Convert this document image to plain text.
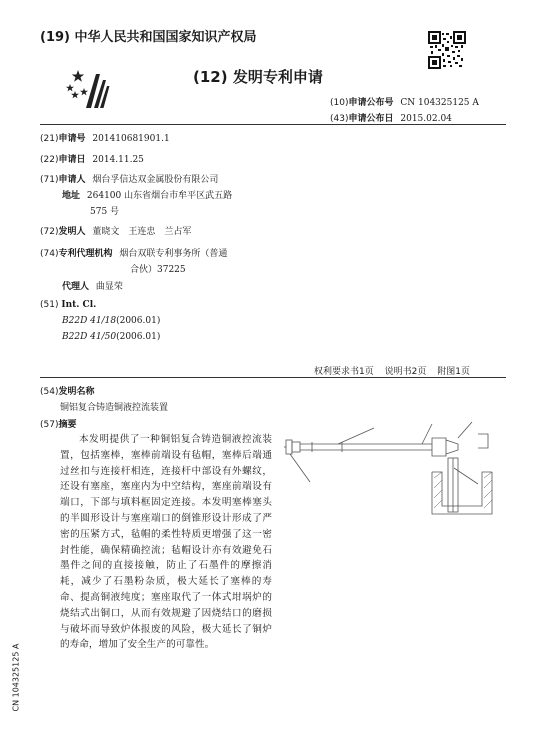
(19) 中华人民共和国国家知识产权局
(12) 发明专利申请
(10)申请公布号 CN 104325125 A
(43)申请公布日 2015.02.04
(21)申请号 201410681901.1
(22)申请日 2014.11.25
(71)申请人 烟台孚信达双金属股份有限公司
地址 264100 山东省烟台市牟平区武五路
575 号
(72)发明人 董晓文　王连忠　兰占军
(74)专利代理机构 烟台双联专利事务所（普通
合伙）37225
代理人 曲显荣
(51) Int. Cl.
B22D 41/18(2006.01)
B22D 41/50(2006.01)
权利要求书1页 说明书2页 附图1页
(54)发明名称
铜铝复合铸造铜液控流装置
(57)摘要
本发明提供了一种铜铝复合铸造铜液控流装置，包括塞棒，塞棒前端设有毡帽，塞棒后端通过丝扣与连接杆相连，连接杆中部设有外螺纹，还设有塞座，塞座内为中空结构，塞座前端设有端口，下部与填料框固定连接。本发明塞棒塞头的半圆形设计与塞座端口的倒锥形设计形成了严密的压紧方式，毡帽的柔性特质更增强了这一密封性能，确保精确控流；毡帽设计亦有效避免石墨件之间的直接接触，防止了石墨件的摩擦消耗，减少了石墨粉杂质，极大延长了塞棒的寿命、提高铜液纯度；塞座取代了一体式坩埚炉的烧结式出铜口，从而有效规避了因烧结口的磨损与破坏而导致炉体报废的风险，极大延长了铜炉的寿命，增加了安全生产的可靠性。
CN 104325125 A
